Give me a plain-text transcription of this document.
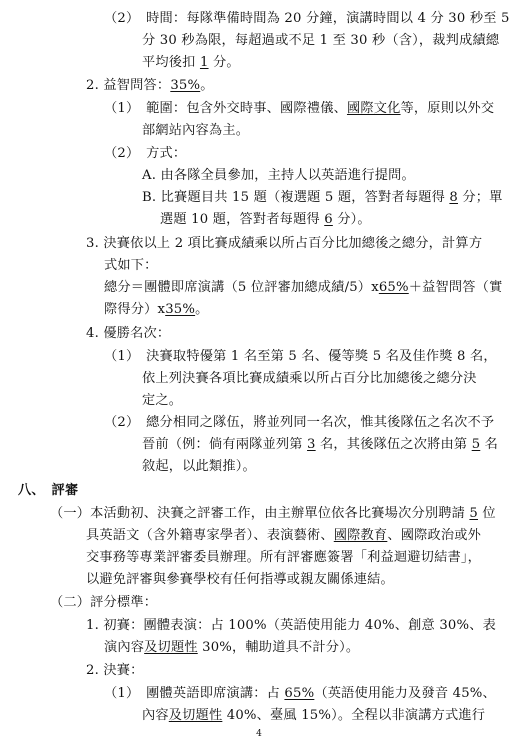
（2）　時間：每隊準備時間為 20 分鐘，演講時間以 4 分 30 秒至 5
分 30 秒為限，每超過或不足 1 至 30 秒（含），裁判成績總
平均後扣 1 分。
2. 益智問答：35%。
（1）　範圍：包含外交時事、國際禮儀、國際文化等，原則以外交
部網站內容為主。
（2）　方式：
A. 由各隊全員參加，主持人以英語進行提問。
B. 比賽題目共 15 題（複選題 5 題，答對者每題得 8 分；單
選題 10 題，答對者每題得 6 分）。
3. 決賽依以上 2 項比賽成績乘以所占百分比加總後之總分，計算方
式如下：
總分＝團體即席演講（5 位評審加總成績/5）x65%＋益智問答（實
際得分）x35%。
4. 優勝名次：
（1）　決賽取特優第 1 名至第 5 名、優等獎 5 名及佳作獎 8 名，
依上列決賽各項比賽成績乘以所占百分比加總後之總分決
定之。
（2）　總分相同之隊伍，將並列同一名次，惟其後隊伍之名次不予
晉前（例：倘有兩隊並列第 3 名，其後隊伍之次將由第 5 名
敘起，以此類推）。
八、　評審
（一）本活動初、決賽之評審工作，由主辦單位依各比賽場次分別聘請 5 位
具英語文（含外籍專家學者）、表演藝術、國際教育、國際政治或外
交事務等專業評審委員辦理。所有評審應簽署「利益迴避切結書」，
以避免評審與參賽學校有任何指導或親友關係連結。
（二）評分標準：
1. 初賽：團體表演：占 100%（英語使用能力 40%、創意 30%、表
演內容及切題性 30%，輔助道具不計分）。
2. 決賽：
（1）　團體英語即席演講：占 65%（英語使用能力及發音 45%、
內容及切題性 40%、臺風 15%）。全程以非演講方式進行
4
